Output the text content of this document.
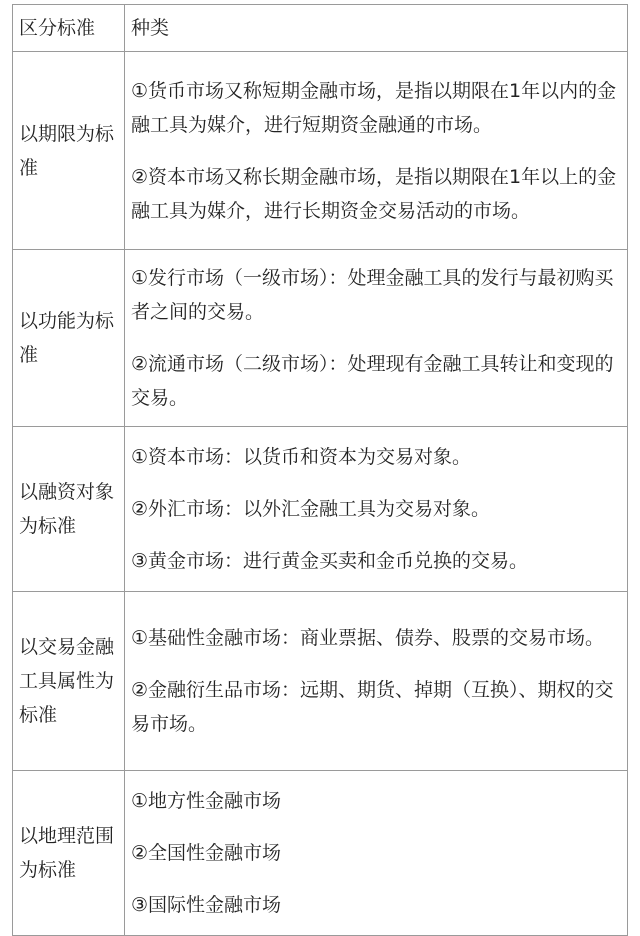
区分标准	种类
以期限为标准	①货币市场又称短期金融市场，是指以期限在1年以内的金融工具为媒介，进行短期资金融通的市场。

②资本市场又称长期金融市场，是指以期限在1年以上的金融工具为媒介，进行长期资金交易活动的市场。

以功能为标准	①发行市场（一级市场）：处理金融工具的发行与最初购买者之间的交易。

②流通市场（二级市场）：处理现有金融工具转让和变现的交易。

以融资对象为标准	①资本市场：以货币和资本为交易对象。

②外汇市场：以外汇金融工具为交易对象。

③黄金市场：进行黄金买卖和金币兑换的交易。

以交易金融工具属性为标准	①基础性金融市场：商业票据、债券、股票的交易市场。

②金融衍生品市场：远期、期货、掉期（互换）、期权的交易市场。

以地理范围为标准	①地方性金融市场

②全国性金融市场

③国际性金融市场
